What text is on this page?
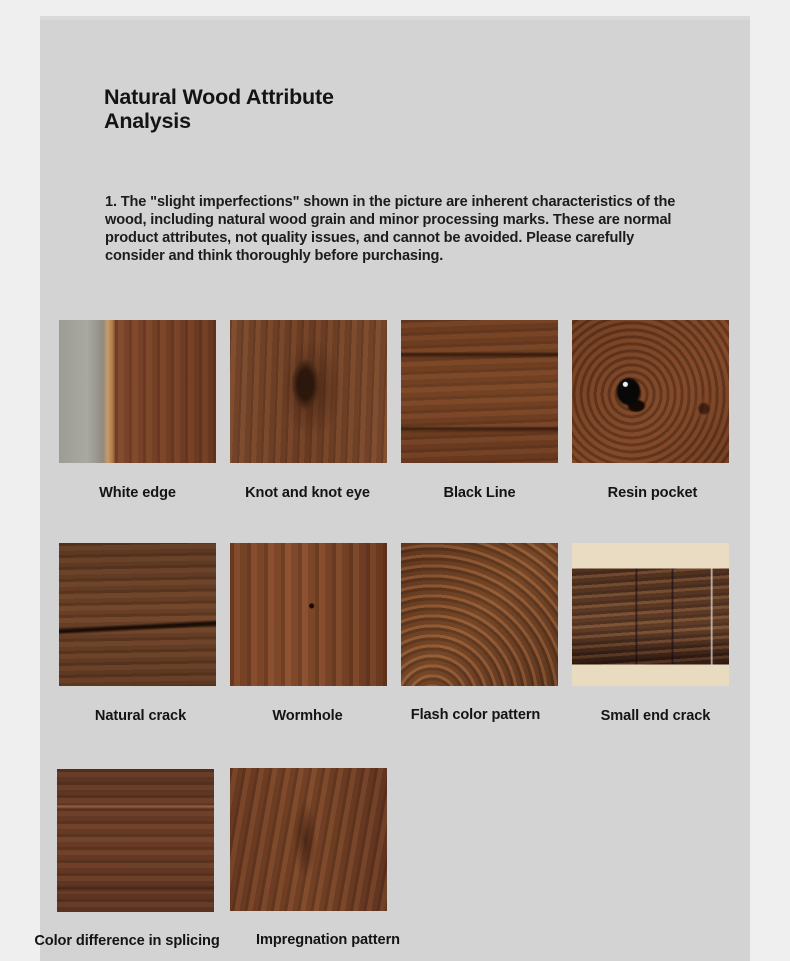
Natural Wood Attribute Analysis

1. The "slight imperfections" shown in the picture are inherent characteristics of the wood, including natural wood grain and minor processing marks. These are normal product attributes, not quality issues, and cannot be avoided. Please carefully consider and think thoroughly before purchasing.

White edge	Knot and knot eye	Black Line	Resin pocket
Natural crack	Wormhole	Flash color pattern	Small end crack
Color difference in splicing	Impregnation pattern
